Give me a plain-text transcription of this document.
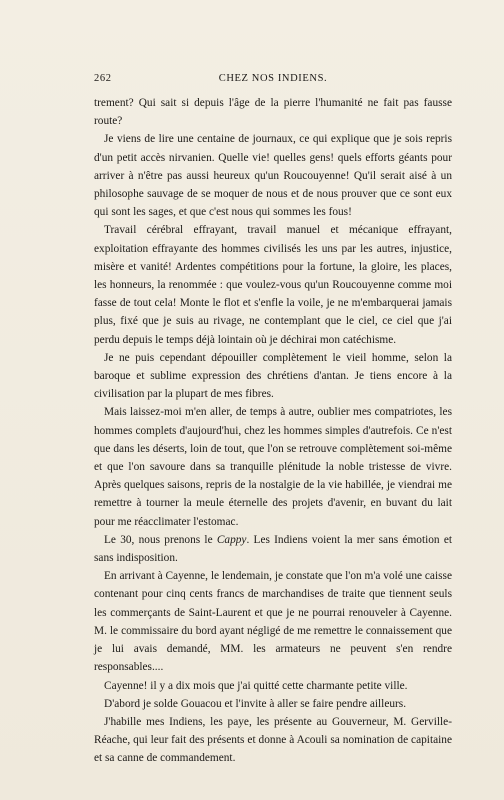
262	CHEZ NOS INDIENS.

trement? Qui sait si depuis l'âge de la pierre l'humanité ne fait pas fausse route?

Je viens de lire une centaine de journaux, ce qui explique que je sois repris d'un petit accès nirvanien. Quelle vie! quelles gens! quels efforts géants pour arriver à n'être pas aussi heureux qu'un Roucouyenne! Qu'il serait aisé à un philosophe sauvage de se moquer de nous et de nous prouver que ce sont eux qui sont les sages, et que c'est nous qui sommes les fous!

Travail cérébral effrayant, travail manuel et mécanique effrayant, exploitation effrayante des hommes civilisés les uns par les autres, injustice, misère et vanité! Ardentes compétitions pour la fortune, la gloire, les places, les honneurs, la renommée : que voulez-vous qu'un Roucouyenne comme moi fasse de tout cela! Monte le flot et s'enfle la voile, je ne m'embarquerai jamais plus, fixé que je suis au rivage, ne contemplant que le ciel, ce ciel que j'ai perdu depuis le temps déjà lointain où je déchirai mon catéchisme.

Je ne puis cependant dépouiller complètement le vieil homme, selon la baroque et sublime expression des chrétiens d'antan. Je tiens encore à la civilisation par la plupart de mes fibres.

Mais laissez-moi m'en aller, de temps à autre, oublier mes compatriotes, les hommes complets d'aujourd'hui, chez les hommes simples d'autrefois. Ce n'est que dans les déserts, loin de tout, que l'on se retrouve complètement soi-même et que l'on savoure dans sa tranquille plénitude la noble tristesse de vivre. Après quelques saisons, repris de la nostalgie de la vie habillée, je viendrai me remettre à tourner la meule éternelle des projets d'avenir, en buvant du lait pour me réacclimater l'estomac.

Le 30, nous prenons le Cappy. Les Indiens voient la mer sans émotion et sans indisposition.

En arrivant à Cayenne, le lendemain, je constate que l'on m'a volé une caisse contenant pour cinq cents francs de marchandises de traite que tiennent seuls les commerçants de Saint-Laurent et que je ne pourrai renouveler à Cayenne. M. le commissaire du bord ayant négligé de me remettre le connaissement que je lui avais demandé, MM. les armateurs ne peuvent s'en rendre responsables....

Cayenne! il y a dix mois que j'ai quitté cette charmante petite ville.

D'abord je solde Gouacou et l'invite à aller se faire pendre ailleurs.

J'habille mes Indiens, les paye, les présente au Gouverneur, M. Gerville-Réache, qui leur fait des présents et donne à Acouli sa nomination de capitaine et sa canne de commandement.
